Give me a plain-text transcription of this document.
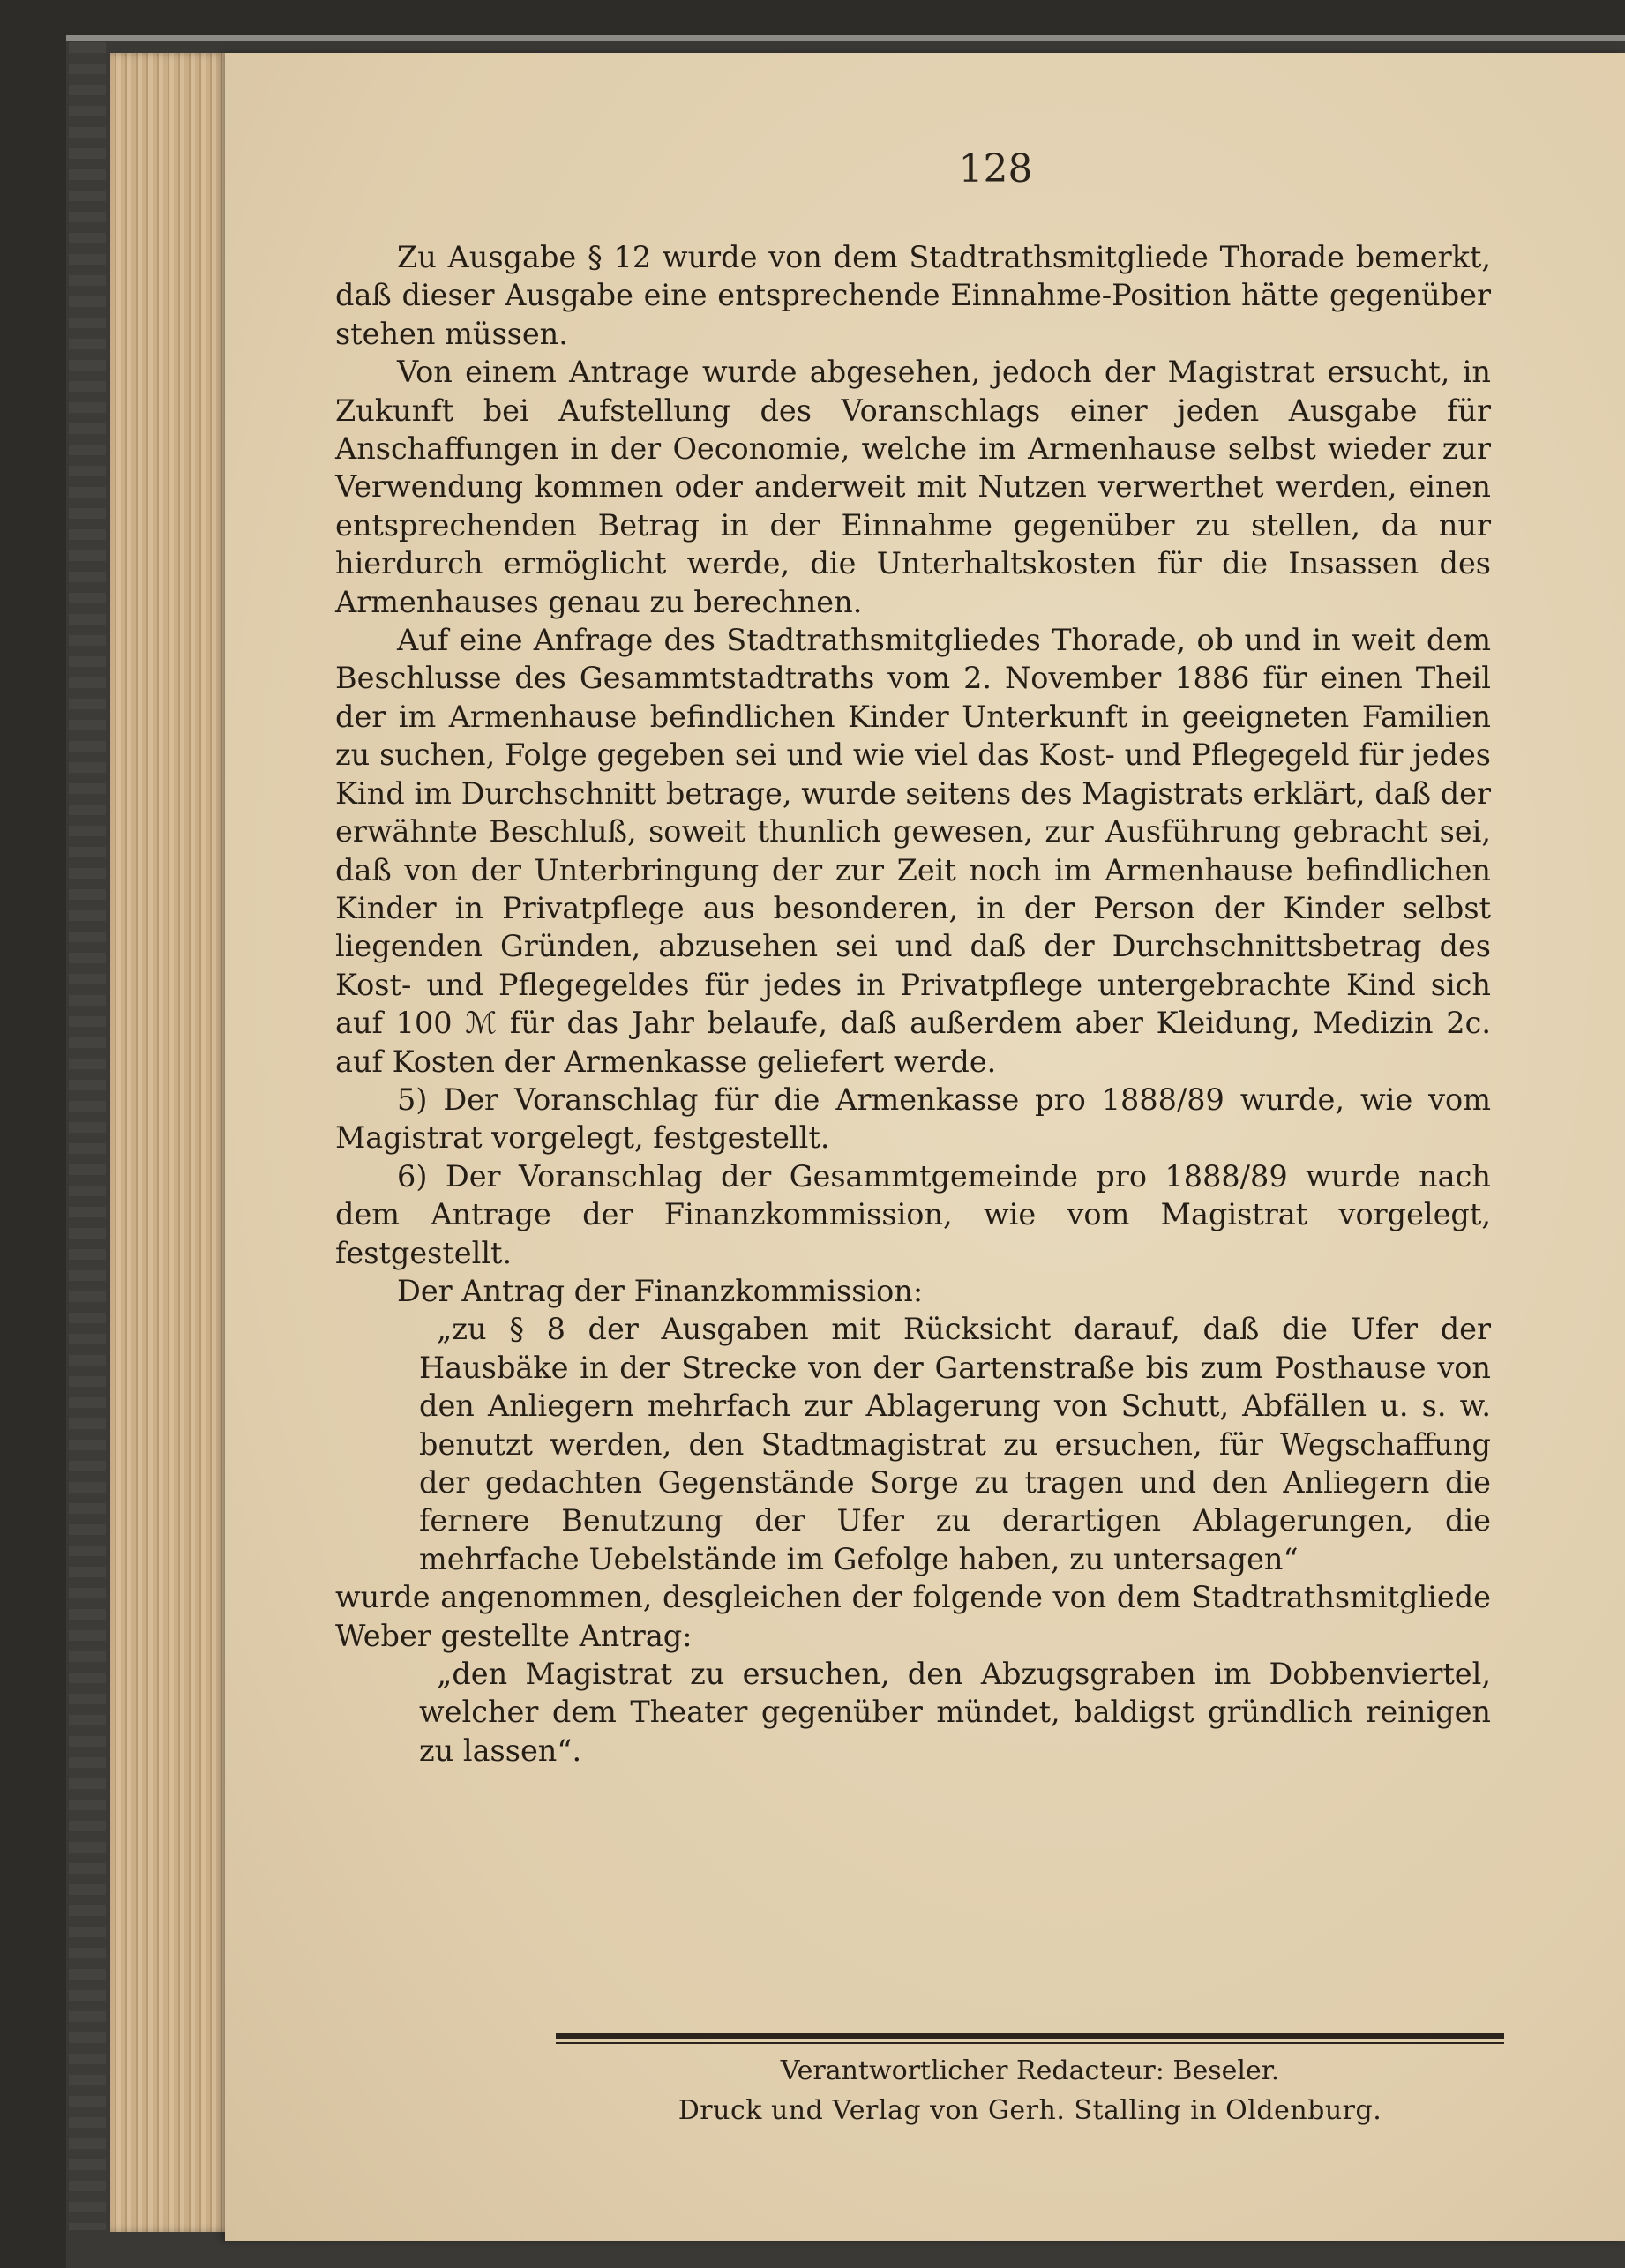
128

Zu Ausgabe § 12 wurde von dem Stadtrathsmitgliede Thorade bemerkt, daß dieser Ausgabe eine entsprechende Einnahme-Position hätte gegenüber stehen müssen.

Von einem Antrage wurde abgesehen, jedoch der Magistrat ersucht, in Zukunft bei Aufstellung des Voranschlags einer jeden Ausgabe für Anschaffungen in der Oeconomie, welche im Armenhause selbst wieder zur Verwendung kommen oder anderweit mit Nutzen verwerthet werden, einen entsprechenden Betrag in der Einnahme gegenüber zu stellen, da nur hierdurch ermöglicht werde, die Unterhaltskosten für die Insassen des Armenhauses genau zu berechnen.

Auf eine Anfrage des Stadtrathsmitgliedes Thorade, ob und in weit dem Beschlusse des Gesammtstadtraths vom 2. November 1886 für einen Theil der im Armenhause befindlichen Kinder Unterkunft in geeigneten Familien zu suchen, Folge gegeben sei und wie viel das Kost- und Pflegegeld für jedes Kind im Durchschnitt betrage, wurde seitens des Magistrats erklärt, daß der erwähnte Beschluß, soweit thunlich gewesen, zur Ausführung gebracht sei, daß von der Unterbringung der zur Zeit noch im Armenhause befindlichen Kinder in Privatpflege aus besonderen, in der Person der Kinder selbst liegenden Gründen, abzusehen sei und daß der Durchschnittsbetrag des Kost- und Pflegegeldes für jedes in Privatpflege untergebrachte Kind sich auf 100 ℳ für das Jahr belaufe, daß außerdem aber Kleidung, Medizin 2c. auf Kosten der Armenkasse geliefert werde.

5) Der Voranschlag für die Armenkasse pro 1888/89 wurde, wie vom Magistrat vorgelegt, festgestellt.

6) Der Voranschlag der Gesammtgemeinde pro 1888/89 wurde nach dem Antrage der Finanzkommission, wie vom Magistrat vorgelegt, festgestellt.

Der Antrag der Finanzkommission:

„zu § 8 der Ausgaben mit Rücksicht darauf, daß die Ufer der Hausbäke in der Strecke von der Gartenstraße bis zum Posthause von den Anliegern mehrfach zur Ablagerung von Schutt, Abfällen u. s. w. benutzt werden, den Stadtmagistrat zu ersuchen, für Wegschaffung der gedachten Gegenstände Sorge zu tragen und den Anliegern die fernere Benutzung der Ufer zu derartigen Ablagerungen, die mehrfache Uebelstände im Gefolge haben, zu untersagen“

wurde angenommen, desgleichen der folgende von dem Stadtrathsmitgliede Weber gestellte Antrag:

„den Magistrat zu ersuchen, den Abzugsgraben im Dobbenviertel, welcher dem Theater gegenüber mündet, baldigst gründlich reinigen zu lassen“.

Verantwortlicher Redacteur: Beseler.
Druck und Verlag von Gerh. Stalling in Oldenburg.
